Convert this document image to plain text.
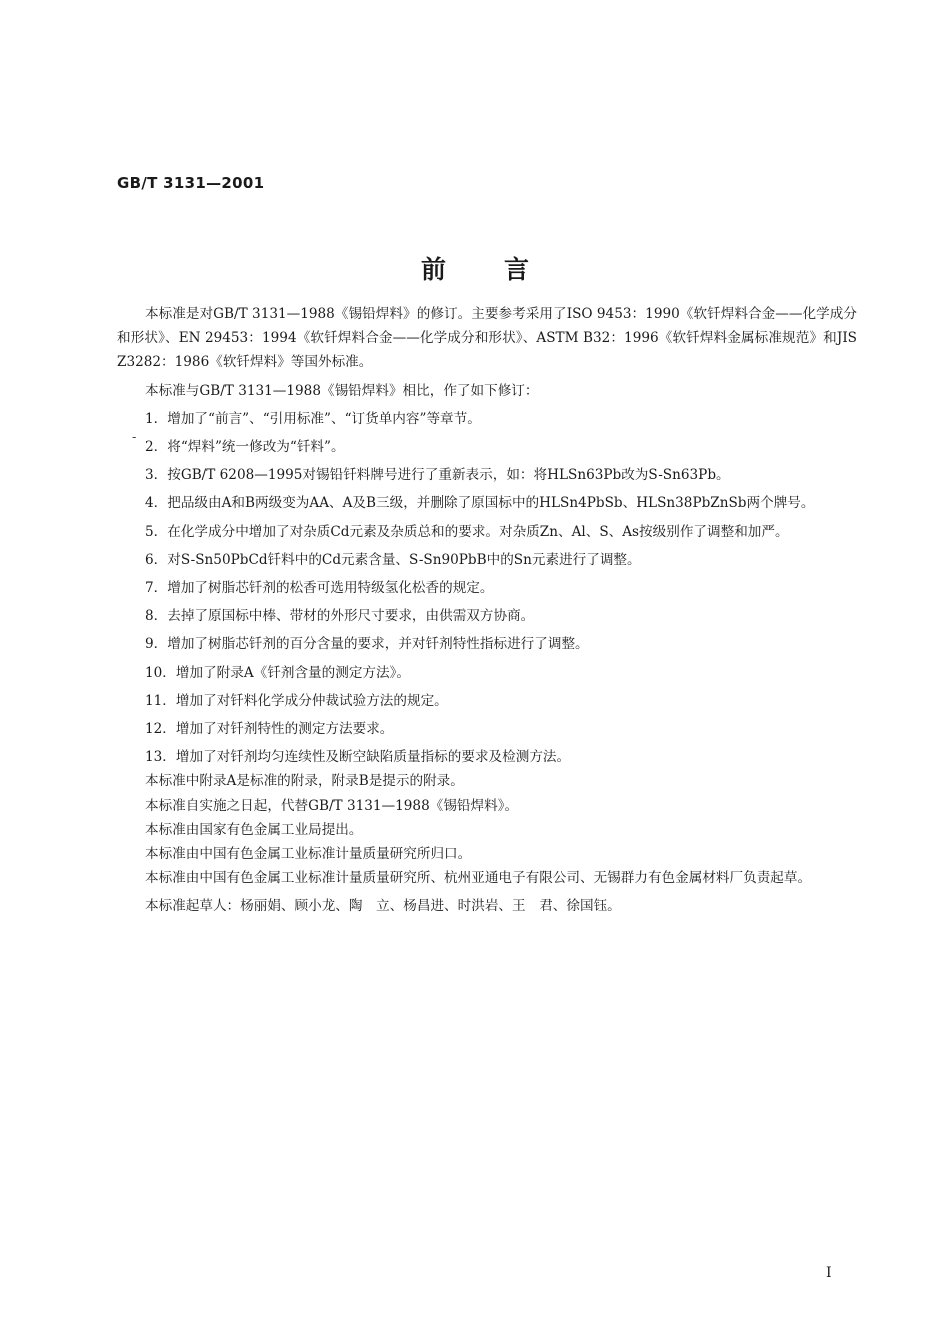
GB/T 3131—2001
前言
-

本标准是对GB/T 3131—1988《锡铅焊料》的修订。主要参考采用了ISO 9453：1990《软钎焊料合金——化学成分和形状》、EN 29453：1994《软钎焊料合金——化学成分和形状》、ASTM B32：1996《软钎焊料金属标准规范》和JIS Z3282：1986《软钎焊料》等国外标准。

本标准与GB/T 3131—1988《锡铅焊料》相比，作了如下修订：

1．增加了“前言”、“引用标准”、“订货单内容”等章节。

2．将“焊料”统一修改为“钎料”。

3．按GB/T 6208—1995对锡铅钎料牌号进行了重新表示，如：将HLSn63Pb改为S-Sn63Pb。

4．把品级由A和B两级变为AA、A及B三级，并删除了原国标中的HLSn4PbSb、HLSn38PbZnSb两个牌号。

5．在化学成分中增加了对杂质Cd元素及杂质总和的要求。对杂质Zn、Al、S、As按级别作了调整和加严。

6．对S-Sn50PbCd钎料中的Cd元素含量、S-Sn90PbB中的Sn元素进行了调整。

7．增加了树脂芯钎剂的松香可选用特级氢化松香的规定。

8．去掉了原国标中棒、带材的外形尺寸要求，由供需双方协商。

9．增加了树脂芯钎剂的百分含量的要求，并对钎剂特性指标进行了调整。

10．增加了附录A《钎剂含量的测定方法》。

11．增加了对钎料化学成分仲裁试验方法的规定。

12．增加了对钎剂特性的测定方法要求。

13．增加了对钎剂均匀连续性及断空缺陷质量指标的要求及检测方法。

本标准中附录A是标准的附录，附录B是提示的附录。

本标准自实施之日起，代替GB/T 3131—1988《锡铅焊料》。

本标准由国家有色金属工业局提出。

本标准由中国有色金属工业标准计量质量研究所归口。

本标准由中国有色金属工业标准计量质量研究所、杭州亚通电子有限公司、无锡群力有色金属材料厂负责起草。

本标准起草人：杨丽娟、顾小龙、陶　立、杨昌进、时洪岩、王　君、徐国钰。

I
